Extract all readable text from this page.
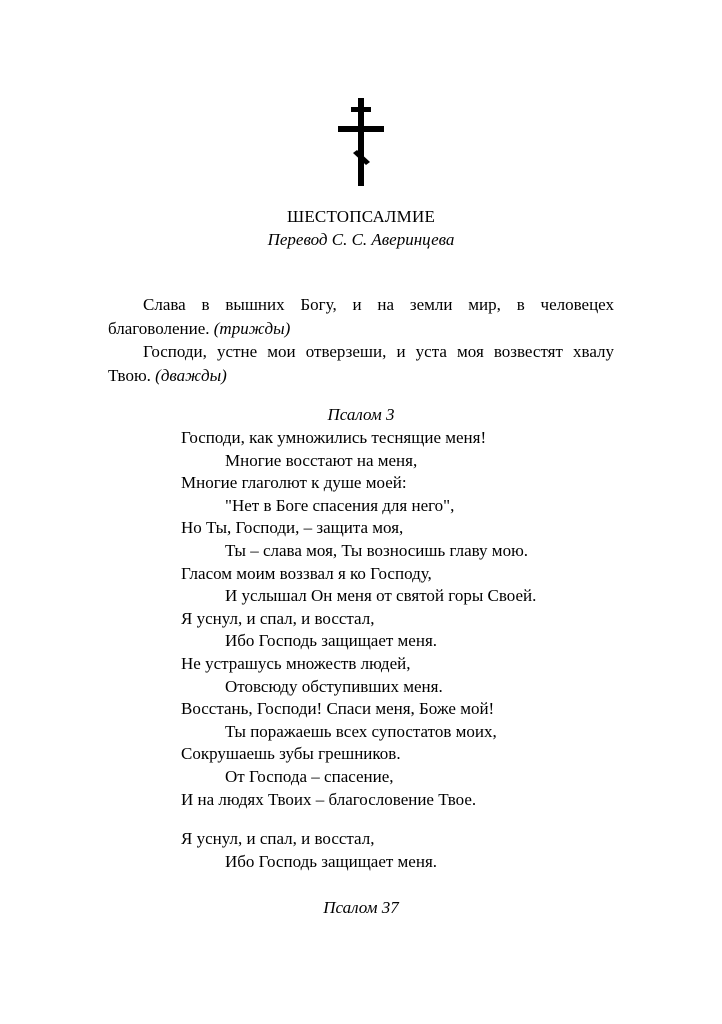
ШЕСТОПСАЛМИЕ
Перевод С. С. Аверинцева

Слава в вышних Богу, и на земли мир, в человецех благоволение. (трижды)

Господи, устне мои отверзеши, и уста моя возвестят хвалу Твою. (дважды)

Псалом 3
Господи, как умножились теснящие меня!
Многие восстают на меня,
Многие глаголют к душе моей:
"Нет в Боге спасения для него",
Но Ты, Господи, – защита моя,
Ты – слава моя, Ты возносишь главу мою.
Гласом моим воззвал я ко Господу,
И услышал Он меня от святой горы Своей.
Я уснул, и спал, и восстал,
Ибо Господь защищает меня.
Не устрашусь множеств людей,
Отовсюду обступивших меня.
Восстань, Господи! Спаси меня, Боже мой!
Ты поражаешь всех супостатов моих,
Сокрушаешь зубы грешников.
От Господа – спасение,
И на людях Твоих – благословение Твое.
Я уснул, и спал, и восстал,
Ибо Господь защищает меня.
Псалом 37
